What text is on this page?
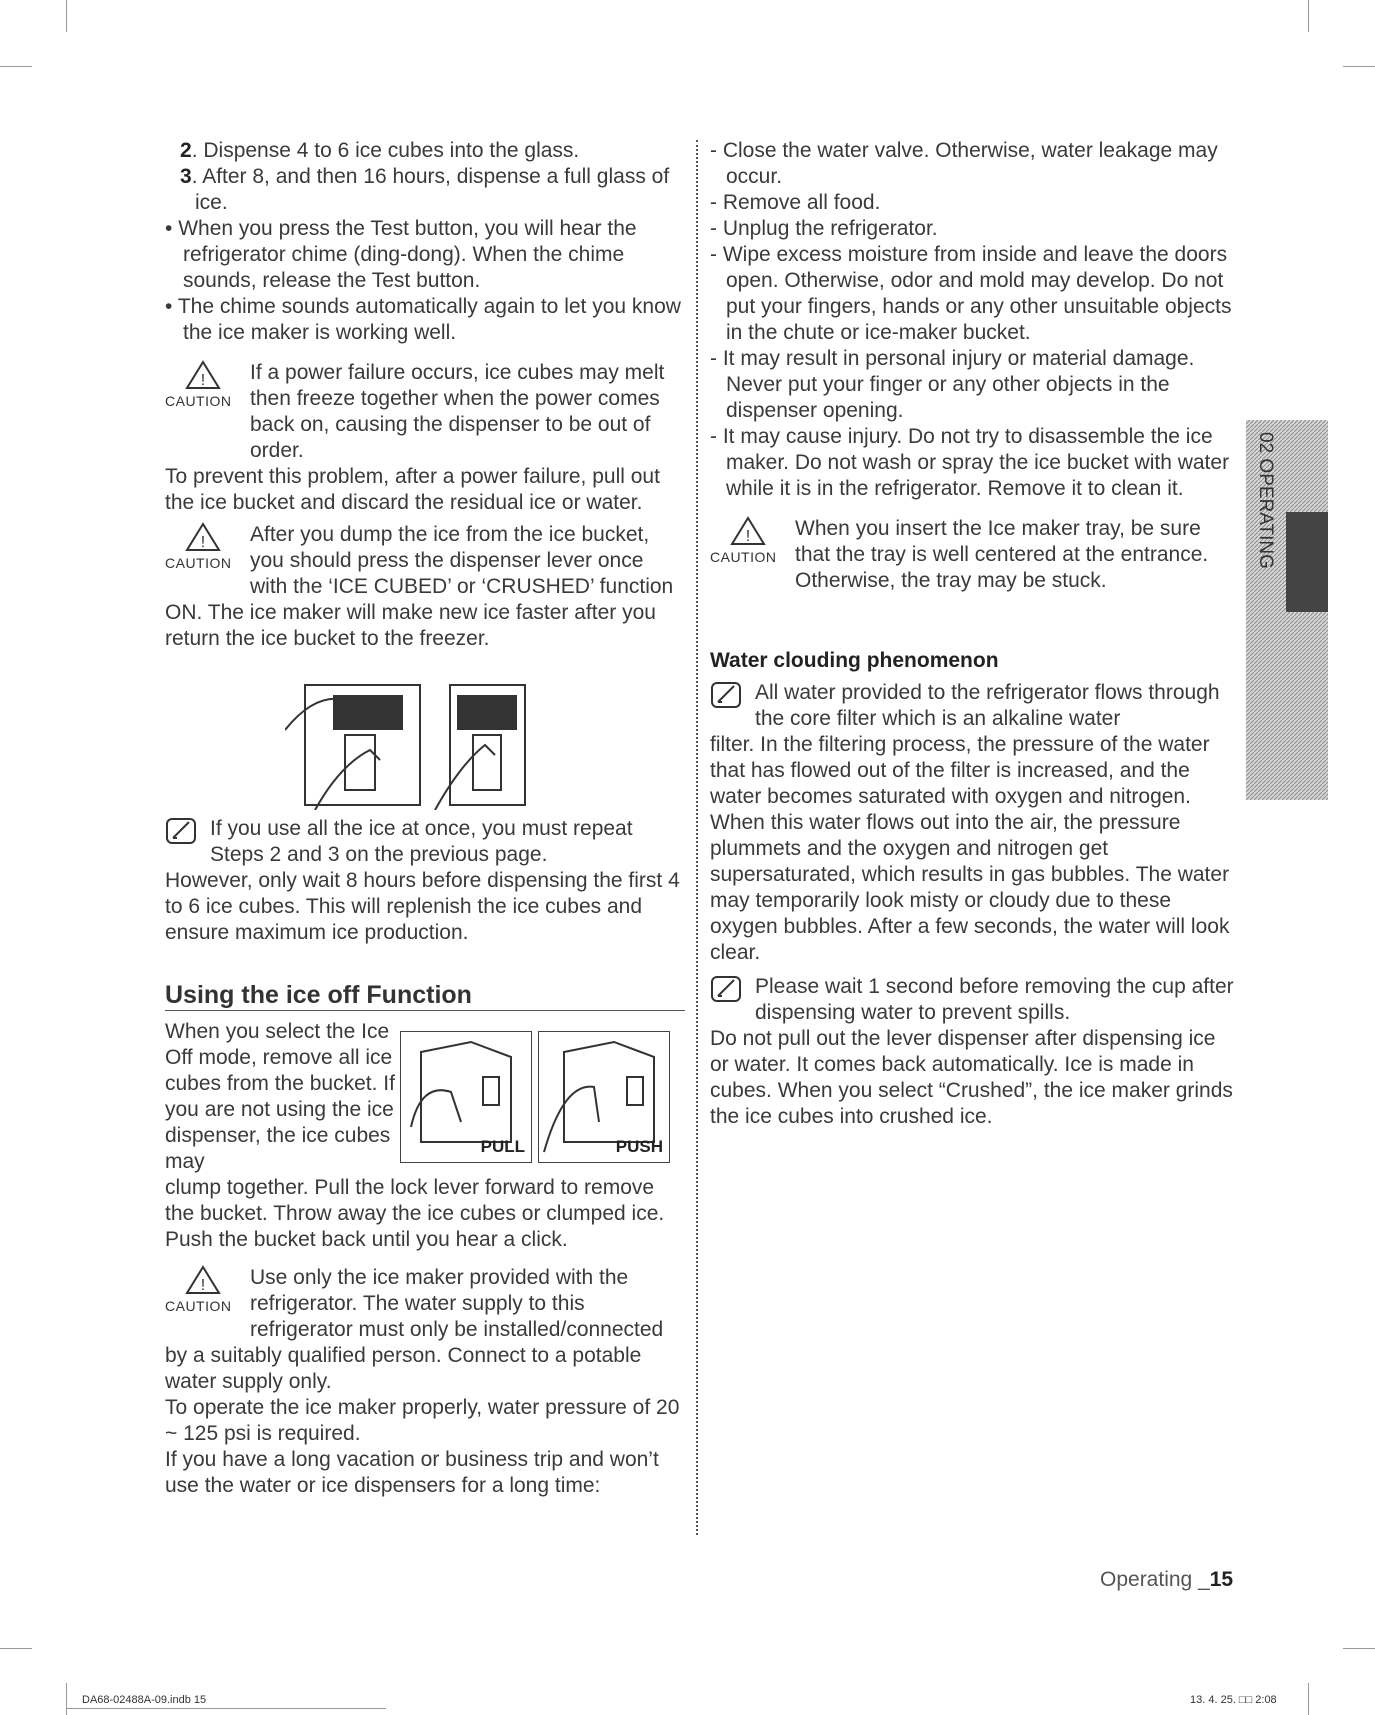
2. Dispense 4 to 6 ice cubes into the glass.

3. After 8, and then 16 hours, dispense a full glass of ice.

• When you press the Test button, you will hear the refrigerator chime (ding-dong). When the chime sounds, release the Test button.

• The chime sounds automatically again to let you know the ice maker is working well.

!
CAUTION

If a power failure occurs, ice cubes may melt then freeze together when the power comes back on, causing the dispenser to be out of order.

To prevent this problem, after a power failure, pull out the ice bucket and discard the residual ice or water.

!
CAUTION

After you dump the ice from the ice bucket, you should press the dispenser lever once with the ‘ICE CUBED’ or ‘CRUSHED’ function

ON. The ice maker will make new ice faster after you return the ice bucket to the freezer.

If you use all the ice at once, you must repeat Steps 2 and 3 on the previous page.

However, only wait 8 hours before dispensing the first 4 to 6 ice cubes. This will replenish the ice cubes and ensure maximum ice production.

Using the ice off Function

When you select the Ice Off mode, remove all ice cubes from the bucket. If you are not using the ice dispenser, the ice cubes may

PULL	PUSH

clump together. Pull the lock lever forward to remove the bucket. Throw away the ice cubes or clumped ice. Push the bucket back until you hear a click.

!
CAUTION

Use only the ice maker provided with the refrigerator. The water supply to this refrigerator must only be installed/connected

by a suitably qualified person. Connect to a potable water supply only.

To operate the ice maker properly, water pressure of 20 ~ 125 psi is required.

If you have a long vacation or business trip and won’t use the water or ice dispensers for a long time:

- Close the water valve. Otherwise, water leakage may occur.

- Remove all food.

- Unplug the refrigerator.

- Wipe excess moisture from inside and leave the doors open. Otherwise, odor and mold may develop. Do not put your fingers, hands or any other unsuitable objects in the chute or ice-maker bucket.

- It may result in personal injury or material damage. Never put your finger or any other objects in the dispenser opening.

- It may cause injury. Do not try to disassemble the ice maker. Do not wash or spray the ice bucket with water while it is in the refrigerator. Remove it to clean it.

!
CAUTION

When you insert the Ice maker tray, be sure that the tray is well centered at the entrance. Otherwise, the tray may be stuck.

Water clouding phenomenon

All water provided to the refrigerator flows through the core filter which is an alkaline water

filter. In the filtering process, the pressure of the water that has flowed out of the filter is increased, and the water becomes saturated with oxygen and nitrogen. When this water flows out into the air, the pressure plummets and the oxygen and nitrogen get supersaturated, which results in gas bubbles. The water may temporarily look misty or cloudy due to these oxygen bubbles. After a few seconds, the water will look clear.

Please wait 1 second before removing the cup after dispensing water to prevent spills.

Do not pull out the lever dispenser after dispensing ice or water. It comes back automatically. Ice is made in cubes. When you select “Crushed”, the ice maker grinds the ice cubes into crushed ice.

02 OPERATING
Operating _15
DA68-02488A-09.indb 15	13. 4. 25. □□ 2:08
